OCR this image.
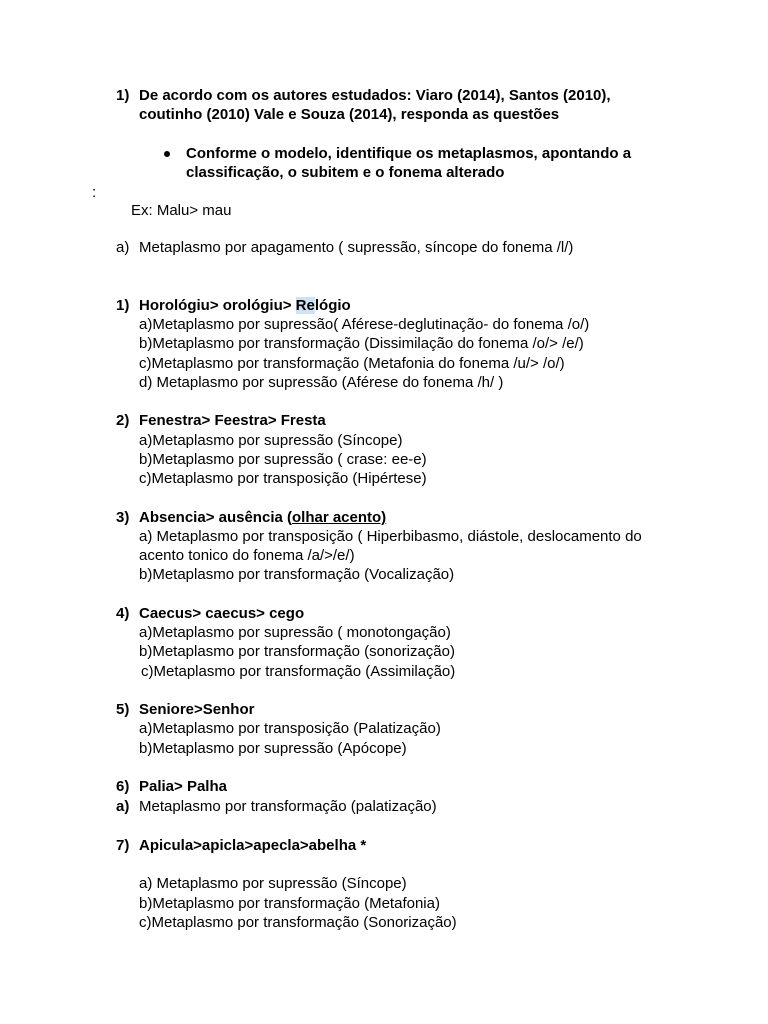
1) De acordo com os autores estudados: Viaro (2014), Santos (2010),
coutinho (2010) Vale e Souza (2014), responda as questões
Conforme o modelo, identifique os metaplasmos, apontando a
classificação, o subitem e o fonema alterado
:
Ex: Malu> mau
a) Metaplasmo por apagamento ( supressão, síncope do fonema /l/)
1) Horológiu> orológiu> Relógio
a)Metaplasmo por supressão( Aférese-deglutinação- do fonema /o/)
b)Metaplasmo por transformação (Dissimilação do fonema /o/> /e/)
c)Metaplasmo por transformação (Metafonia do fonema /u/> /o/)
d) Metaplasmo por supressão (Aférese do fonema /h/ )
2) Fenestra> Feestra> Fresta
a)Metaplasmo por supressão (Síncope)
b)Metaplasmo por supressão ( crase: ee-e)
c)Metaplasmo por transposição (Hipértese)
3) Absencia> ausência (olhar acento)
a) Metaplasmo por transposição ( Hiperbibasmo, diástole, deslocamento do
acento tonico do fonema /a/>/e/)
b)Metaplasmo por transformação (Vocalização)
4) Caecus> caecus> cego
a)Metaplasmo por supressão ( monotongação)
b)Metaplasmo por transformação (sonorização)
c)Metaplasmo por transformação (Assimilação)
5) Seniore>Senhor
a)Metaplasmo por transposição (Palatização)
b)Metaplasmo por supressão (Apócope)
6) Palia> Palha
a) Metaplasmo por transformação (palatização)
7) Apicula>apicla>apecla>abelha *
a) Metaplasmo por supressão (Síncope)
b)Metaplasmo por transformação (Metafonia)
c)Metaplasmo por transformação (Sonorização)
